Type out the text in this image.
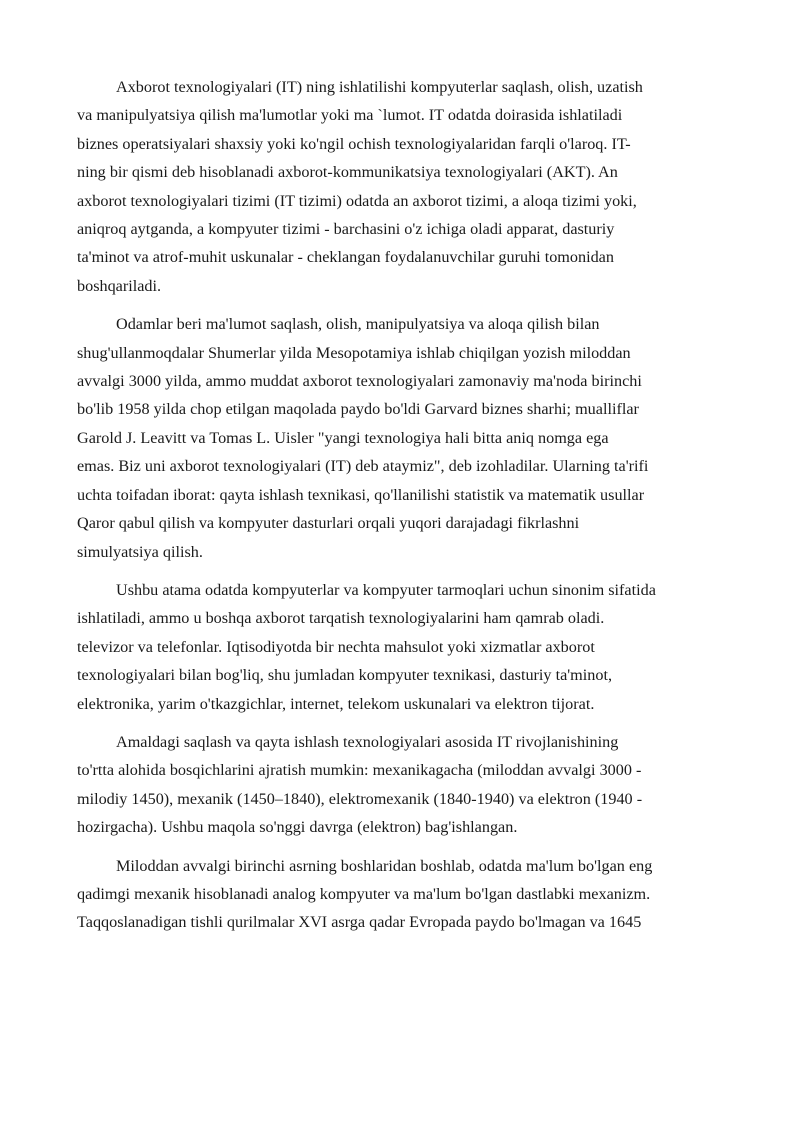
Axborot texnologiyalari (IT) ning ishlatilishi kompyuterlar saqlash, olish, uzatish
va manipulyatsiya qilish ma'lumotlar yoki ma `lumot. IT odatda doirasida ishlatiladi
biznes operatsiyalari shaxsiy yoki ko'ngil ochish texnologiyalaridan farqli o'laroq. IT-
ning bir qismi deb hisoblanadi axborot-kommunikatsiya texnologiyalari (AKT). An
axborot texnologiyalari tizimi (IT tizimi) odatda an axborot tizimi, a aloqa tizimi yoki,
aniqroq aytganda, a kompyuter tizimi - barchasini o'z ichiga oladi apparat, dasturiy
ta'minot va atrof-muhit uskunalar - cheklangan foydalanuvchilar guruhi tomonidan
boshqariladi.

Odamlar beri ma'lumot saqlash, olish, manipulyatsiya va aloqa qilish bilan
shug'ullanmoqdalar Shumerlar yilda Mesopotamiya ishlab chiqilgan yozish miloddan
avvalgi 3000 yilda, ammo muddat axborot texnologiyalari zamonaviy ma'noda birinchi
bo'lib 1958 yilda chop etilgan maqolada paydo bo'ldi Garvard biznes sharhi; mualliflar
Garold J. Leavitt va Tomas L. Uisler "yangi texnologiya hali bitta aniq nomga ega
emas. Biz uni axborot texnologiyalari (IT) deb ataymiz", deb izohladilar. Ularning ta'rifi
uchta toifadan iborat: qayta ishlash texnikasi, qo'llanilishi statistik va matematik usullar
Qaror qabul qilish va kompyuter dasturlari orqali yuqori darajadagi fikrlashni
simulyatsiya qilish.

Ushbu atama odatda kompyuterlar va kompyuter tarmoqlari uchun sinonim sifatida
ishlatiladi, ammo u boshqa axborot tarqatish texnologiyalarini ham qamrab oladi.
televizor va telefonlar. Iqtisodiyotda bir nechta mahsulot yoki xizmatlar axborot
texnologiyalari bilan bog'liq, shu jumladan kompyuter texnikasi, dasturiy ta'minot,
elektronika, yarim o'tkazgichlar, internet, telekom uskunalari va elektron tijorat.

Amaldagi saqlash va qayta ishlash texnologiyalari asosida IT rivojlanishining
to'rtta alohida bosqichlarini ajratish mumkin: mexanikagacha (miloddan avvalgi 3000 -
milodiy 1450), mexanik (1450–1840), elektromexanik (1840-1940) va elektron (1940 -
hozirgacha). Ushbu maqola so'nggi davrga (elektron) bag'ishlangan.

Miloddan avvalgi birinchi asrning boshlaridan boshlab, odatda ma'lum bo'lgan eng
qadimgi mexanik hisoblanadi analog kompyuter va ma'lum bo'lgan dastlabki mexanizm.
Taqqoslanadigan tishli qurilmalar XVI asrga qadar Evropada paydo bo'lmagan va 1645
